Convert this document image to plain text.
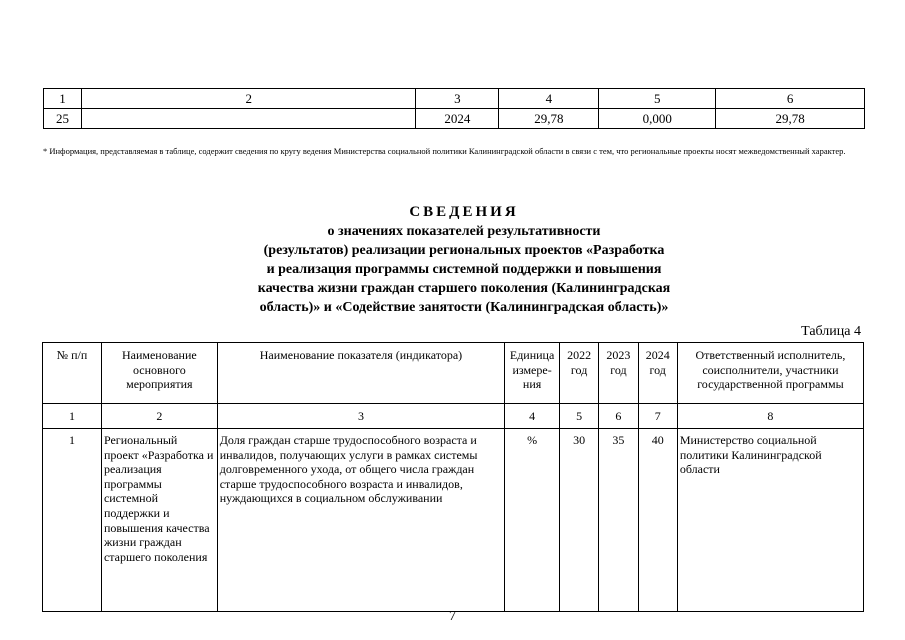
1	2	3	4	5	6
25		2024	29,78	0,000	29,78
* Информация, представляемая в таблице, содержит сведения по кругу ведения Министерства социальной политики Калининградской области в связи с тем, что региональные проекты носят межведомственный характер.
СВЕДЕНИЯ
о значениях показателей результативности
(результатов) реализации региональных проектов «Разработка
и реализация программы системной поддержки и повышения
качества жизни граждан старшего поколения (Калининградская
область)» и «Содействие занятости (Калининградская область)»
Таблица 4
№ п/п	Наименование основного мероприятия	Наименование показателя (индикатора)	Единица измере-ния	2022 год	2023 год	2024 год	Ответственный исполнитель, соисполнители, участники государственной программы
1	2	3	4	5	6	7	8
1	Региональный проект «Разработка и реализация программы системной поддержки и повышения качества жизни граждан старшего поколения	Доля граждан старше трудоспособного возраста и инвалидов, получающих услуги в рамках системы долговременного ухода, от общего числа граждан старше трудоспособного возраста и инвалидов, нуждающихся в социальном обслуживании	%	30	35	40	Министерство социальной политики Калининградской области
7
